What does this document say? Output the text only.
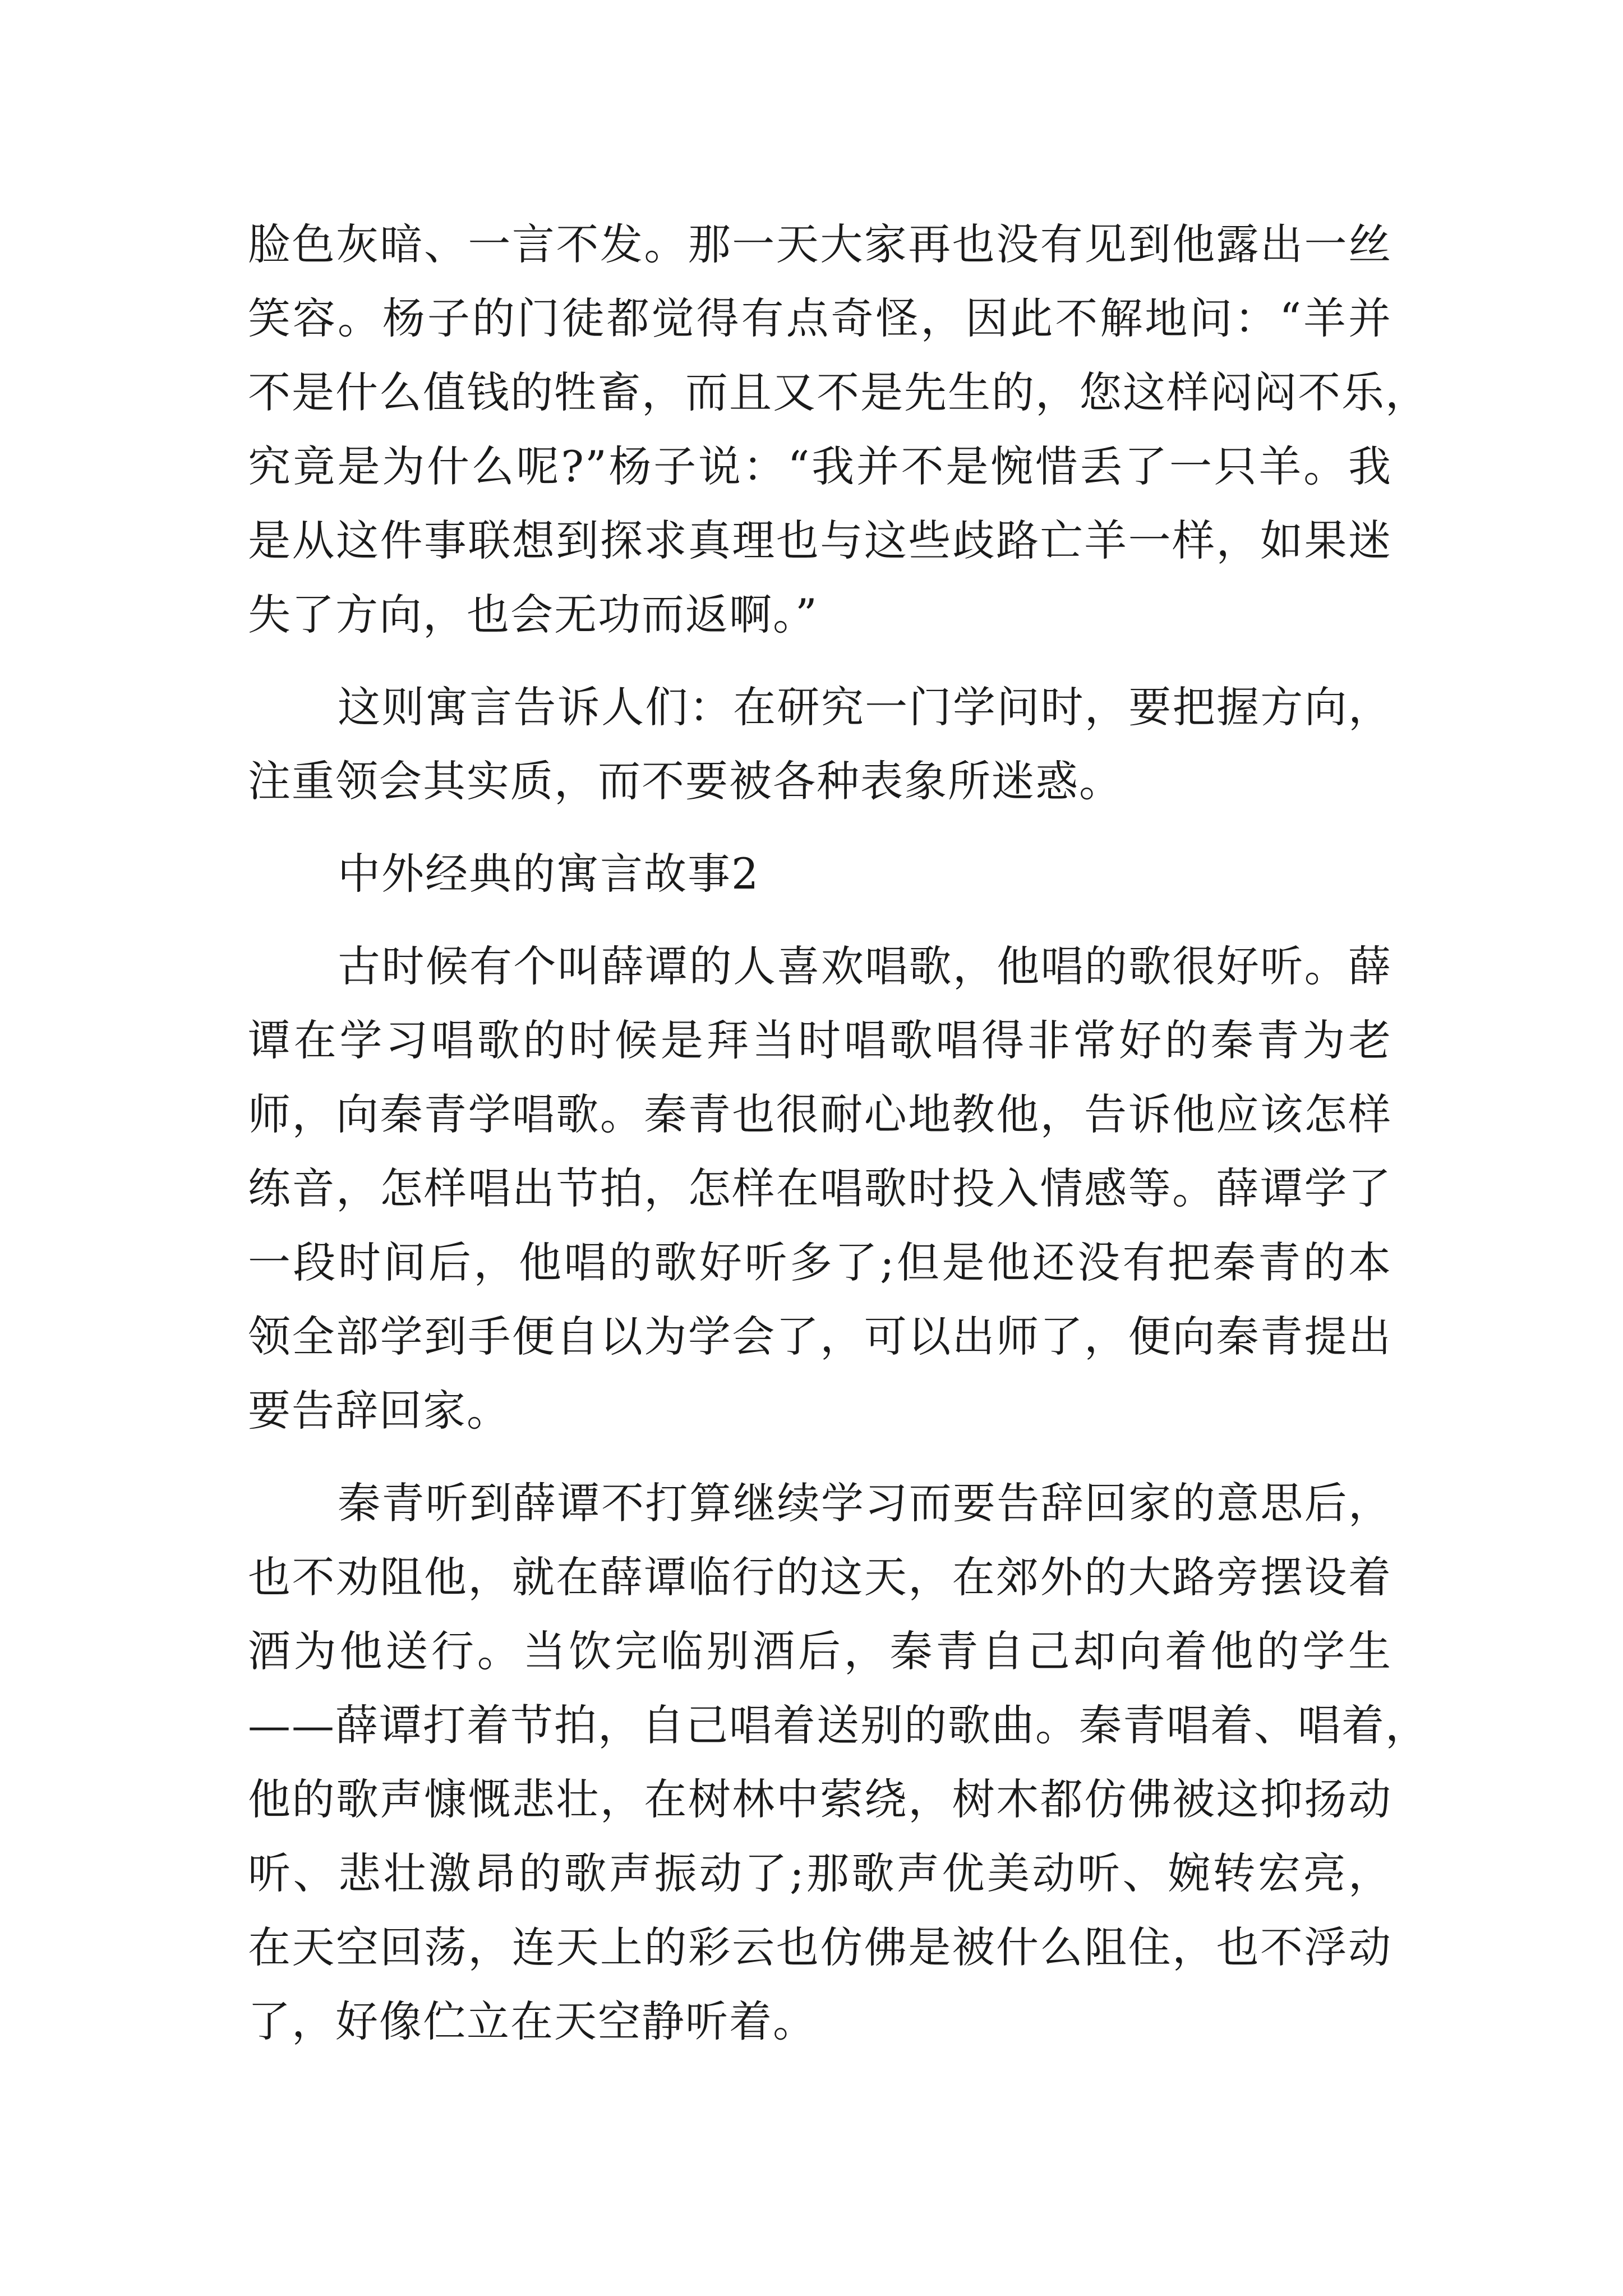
脸色灰暗、一言不发。那一天大家再也没有见到他露出一丝
笑容。杨子的门徒都觉得有点奇怪，因此不解地问：“羊并
不是什么值钱的牲畜，而且又不是先生的，您这样闷闷不乐，
究竟是为什么呢?”杨子说：“我并不是惋惜丢了一只羊。我
是从这件事联想到探求真理也与这些歧路亡羊一样，如果迷
失了方向，也会无功而返啊。”
这则寓言告诉人们：在研究一门学问时，要把握方向，
注重领会其实质，而不要被各种表象所迷惑。
中外经典的寓言故事2
古时候有个叫薛谭的人喜欢唱歌，他唱的歌很好听。薛
谭在学习唱歌的时候是拜当时唱歌唱得非常好的秦青为老
师，向秦青学唱歌。秦青也很耐心地教他，告诉他应该怎样
练音，怎样唱出节拍，怎样在唱歌时投入情感等。薛谭学了
一段时间后，他唱的歌好听多了;但是他还没有把秦青的本
领全部学到手便自以为学会了，可以出师了，便向秦青提出
要告辞回家。
秦青听到薛谭不打算继续学习而要告辞回家的意思后，
也不劝阻他，就在薛谭临行的这天，在郊外的大路旁摆设着
酒为他送行。当饮完临别酒后，秦青自己却向着他的学生
——薛谭打着节拍，自己唱着送别的歌曲。秦青唱着、唱着，
他的歌声慷慨悲壮，在树林中萦绕，树木都仿佛被这抑扬动
听、悲壮激昂的歌声振动了;那歌声优美动听、婉转宏亮，
在天空回荡，连天上的彩云也仿佛是被什么阻住，也不浮动
了，好像伫立在天空静听着。
